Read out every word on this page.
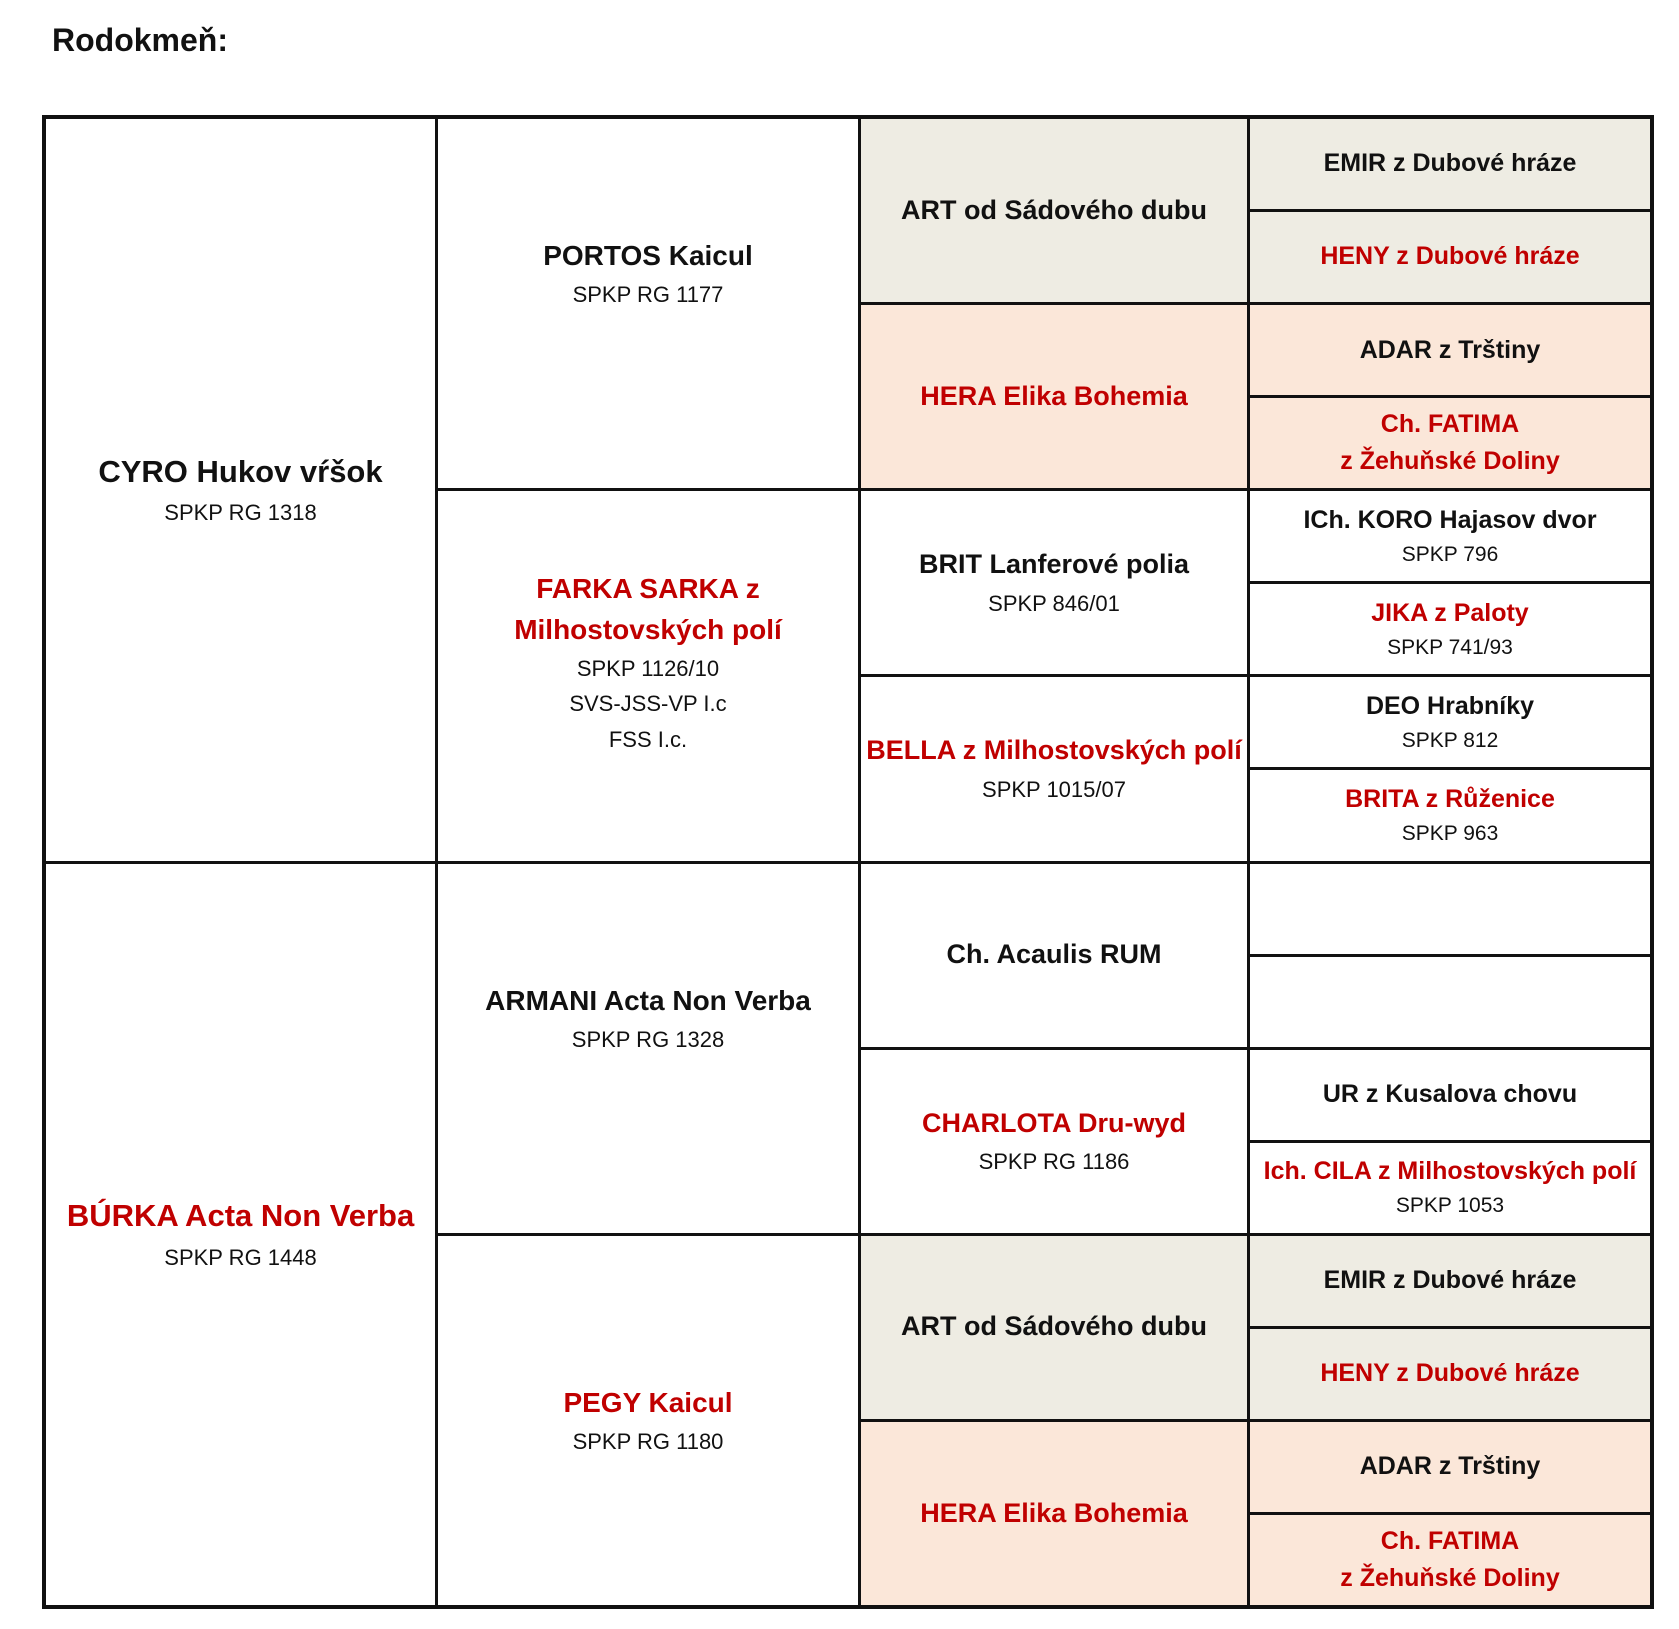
Rodokmeň:
CYRO Hukov vŕšok
SPKP RG 1318
BÚRKA Acta Non Verba
SPKP RG 1448
PORTOS Kaicul
SPKP RG 1177
FARKA SARKA z
Milhostovských polí
SPKP 1126/10
SVS-JSS-VP I.c
FSS I.c.
ARMANI Acta Non Verba
SPKP RG 1328
PEGY Kaicul
SPKP RG 1180
ART od Sádového dubu
HERA Elika Bohemia
BRIT Lanferové polia
SPKP 846/01
BELLA z Milhostovských polí
SPKP 1015/07
Ch. Acaulis RUM
CHARLOTA Dru-wyd
SPKP RG 1186
ART od Sádového dubu
HERA Elika Bohemia
EMIR z Dubové hráze
HENY z Dubové hráze
ADAR z Trštiny
Ch. FATIMA
z Žehuňské Doliny
ICh. KORO Hajasov dvor
SPKP 796
JIKA z Paloty
SPKP 741/93
DEO Hrabníky
SPKP 812
BRITA z Růženice
SPKP 963
UR z Kusalova chovu
Ich. CILA z Milhostovských polí
SPKP 1053
EMIR z Dubové hráze
HENY z Dubové hráze
ADAR z Trštiny
Ch. FATIMA
z Žehuňské Doliny
